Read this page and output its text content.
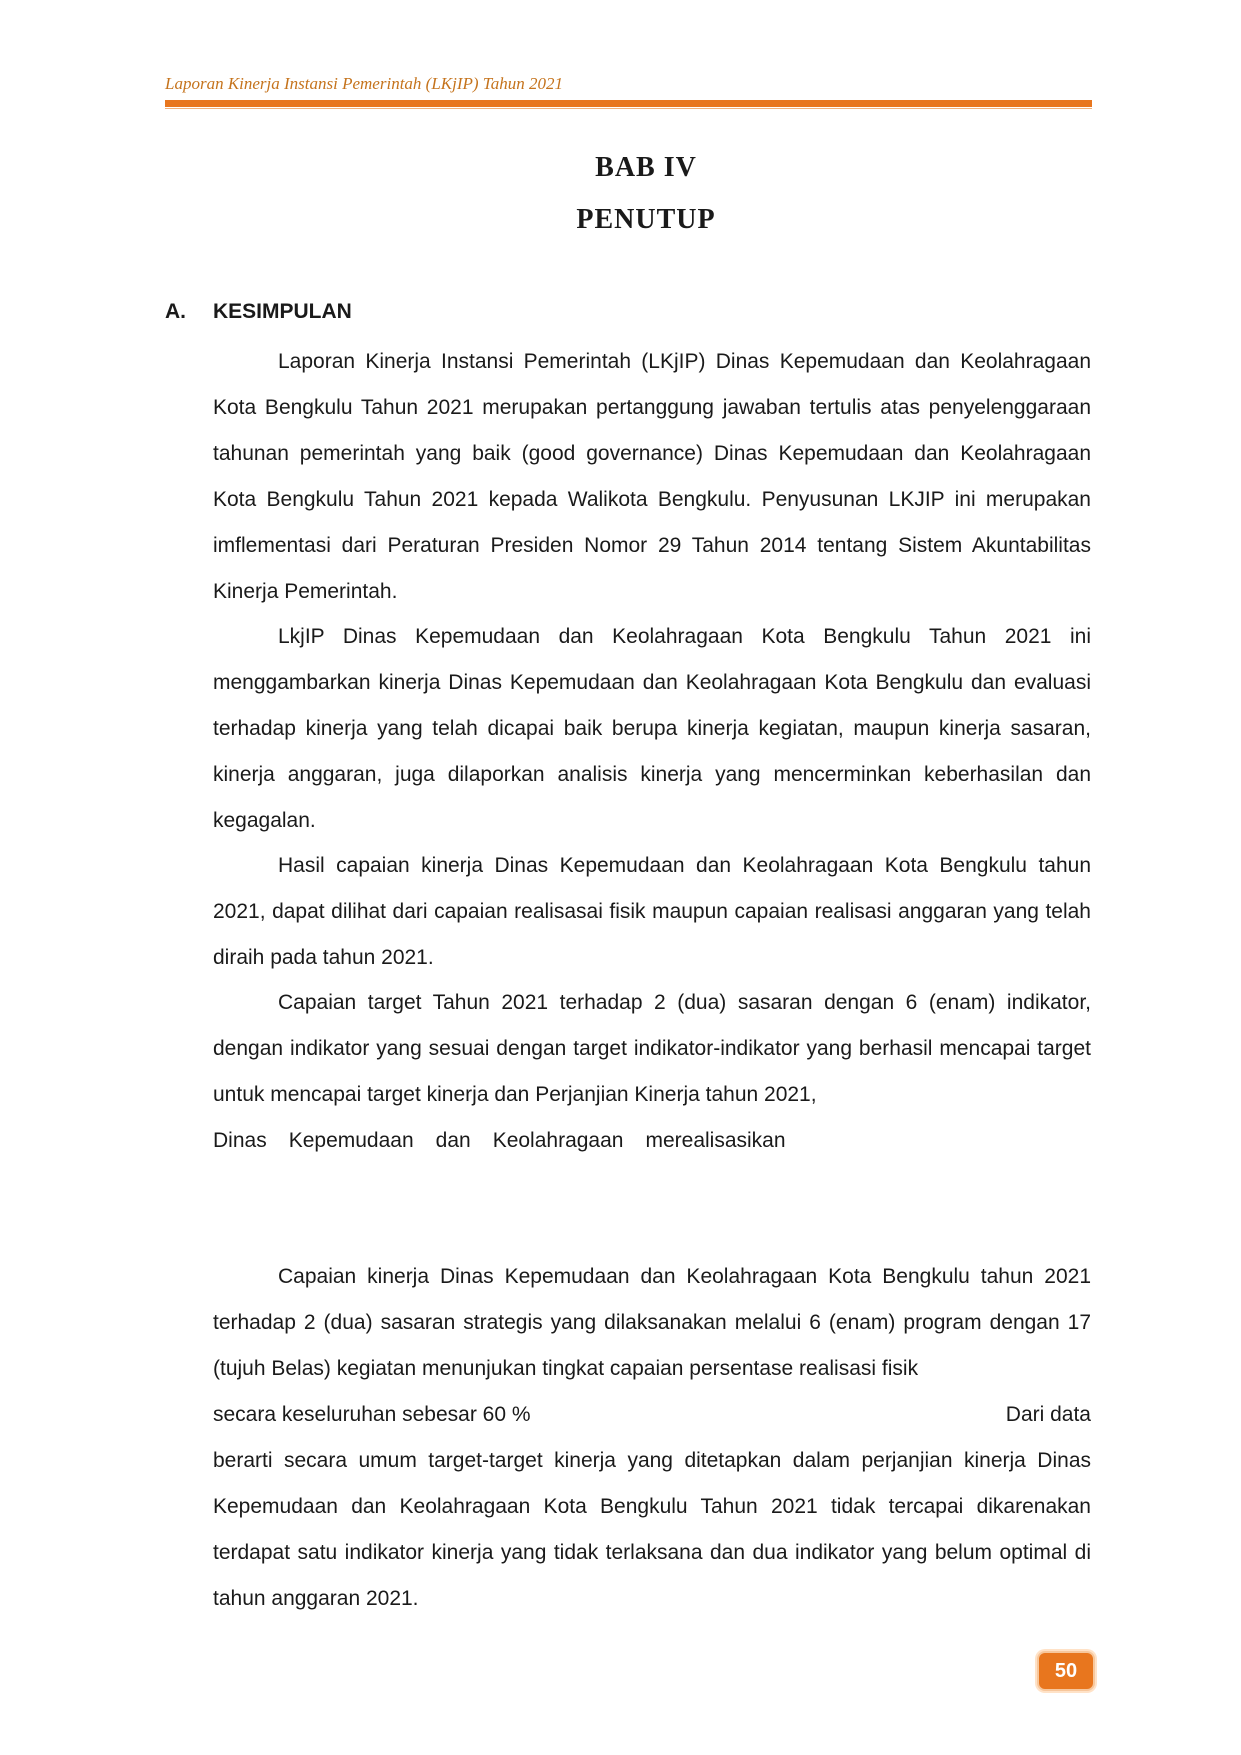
Laporan Kinerja Instansi Pemerintah (LKjIP) Tahun 2021
BAB IV
PENUTUP
A. KESIMPULAN

Laporan Kinerja Instansi Pemerintah (LKjIP) Dinas Kepemudaan dan Keolahragaan Kota Bengkulu Tahun 2021 merupakan pertanggung jawaban tertulis atas penyelenggaraan tahunan pemerintah yang baik (good governance) Dinas Kepemudaan dan Keolahragaan Kota Bengkulu Tahun 2021 kepada Walikota Bengkulu. Penyusunan LKJIP ini merupakan imflementasi dari Peraturan Presiden Nomor 29 Tahun 2014 tentang Sistem Akuntabilitas Kinerja Pemerintah.

LkjIP Dinas Kepemudaan dan Keolahragaan Kota Bengkulu Tahun 2021 ini menggambarkan kinerja Dinas Kepemudaan dan Keolahragaan Kota Bengkulu dan evaluasi terhadap kinerja yang telah dicapai baik berupa kinerja kegiatan, maupun kinerja sasaran, kinerja anggaran, juga dilaporkan analisis kinerja yang mencerminkan keberhasilan dan kegagalan.

Hasil capaian kinerja Dinas Kepemudaan dan Keolahragaan Kota Bengkulu tahun 2021, dapat dilihat dari capaian realisasai fisik maupun capaian realisasi anggaran yang telah diraih pada tahun 2021.

Capaian target Tahun 2021 terhadap 2 (dua) sasaran dengan 6 (enam) indikator, dengan indikator yang sesuai dengan target indikator-indikator yang berhasil mencapai target untuk mencapai target kinerja dan Perjanjian Kinerja tahun 2021,

Dinas Kepemudaan dan Keolahragaan merealisasikan

Capaian kinerja Dinas Kepemudaan dan Keolahragaan Kota Bengkulu tahun 2021 terhadap 2 (dua) sasaran strategis yang dilaksanakan melalui 6 (enam) program dengan 17 (tujuh Belas) kegiatan menunjukan tingkat capaian persentase realisasi fisik

secara keseluruhan sebesar 60 %	Dari data

berarti secara umum target-target kinerja yang ditetapkan dalam perjanjian kinerja Dinas Kepemudaan dan Keolahragaan Kota Bengkulu Tahun 2021 tidak tercapai dikarenakan terdapat satu indikator kinerja yang tidak terlaksana dan dua indikator yang belum optimal di tahun anggaran 2021.

50
